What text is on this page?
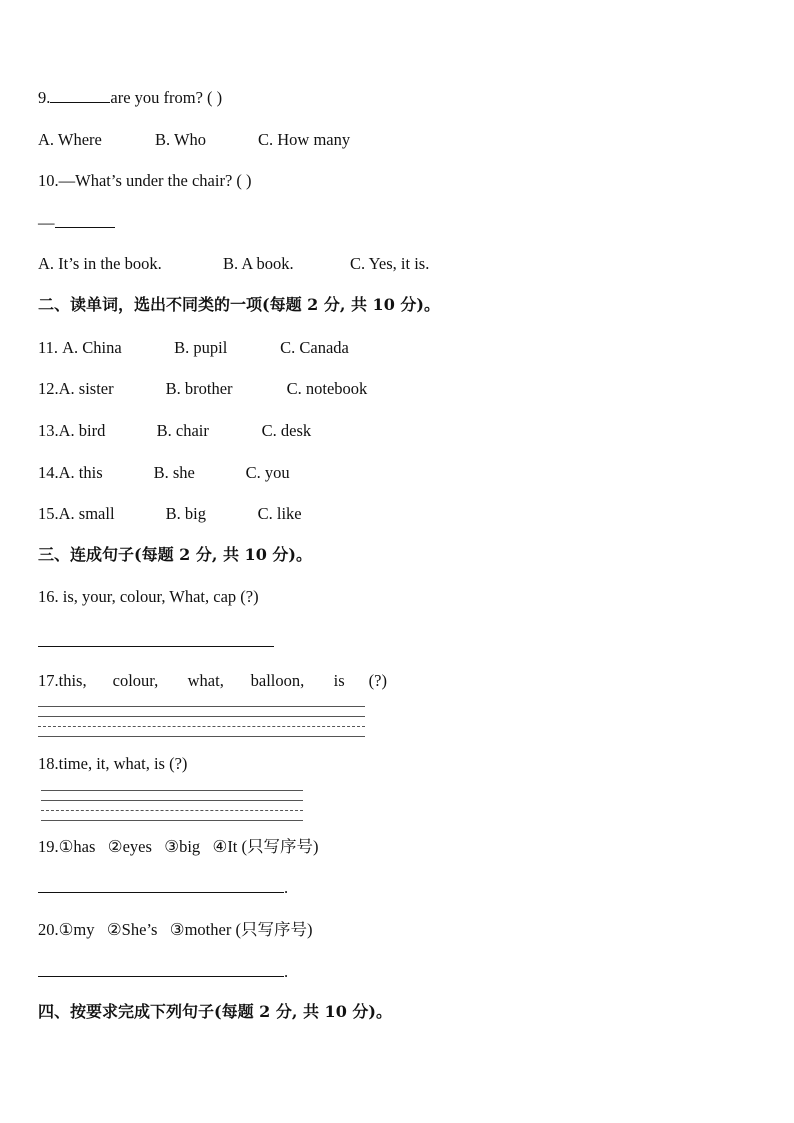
9.	are you from? ( )
A. Where	B. Who	C. How many
10.—What’s under the chair? ( )
—
A. It’s in the book.	B. A book.	C. Yes, it is.
二、读单词，选出不同类的一项(每题 2 分, 共 10 分)。
11. A. China	B. pupil	C. Canada
12.A. sister	B. brother	C. notebook
13.A. bird	B. chair	C. desk
14.A. this	B. she	C. you
15.A. small	B. big	C. like
三、连成句子(每题 2 分, 共 10 分)。
16. is, your, colour, What, cap (?)
17.this, colour, what, balloon, is (?)
18.time, it, what, is (?)
19.①has   ②eyes   ③big   ④It (只写序号)
.
20.①my   ②She’s   ③mother (只写序号)
.
四、按要求完成下列句子(每题 2 分, 共 10 分)。
